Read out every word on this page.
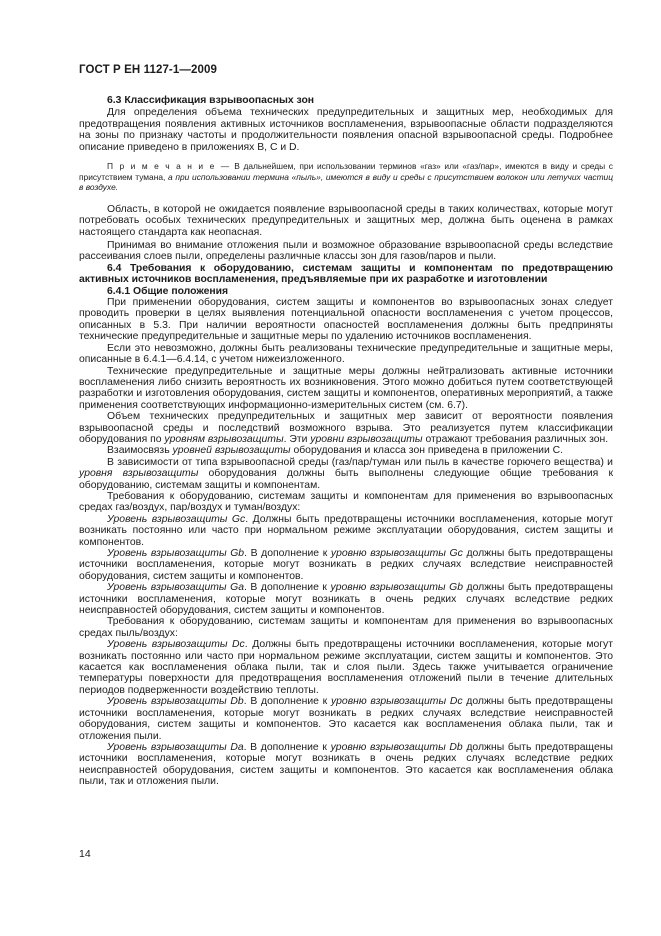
ГОСТ Р ЕН 1127-1—2009

6.3 Классификация взрывоопасных зон

Для определения объема технических предупредительных и защитных мер, необходимых для предотвращения появления активных источников воспламенения, взрывоопасные области подразделяются на зоны по признаку частоты и продолжительности появления опасной взрывоопасной среды. Подробнее описание приведено в приложениях В, С и D.

П р и м е ч а н и е — В дальнейшем, при использовании терминов «газ» или «газ/пар», имеются в виду и среды с присутствием тумана, а при использовании термина «пыль», имеются в виду и среды с присутствием волокон или летучих частиц в воздухе.

Область, в которой не ожидается появление взрывоопасной среды в таких количествах, которые могут потребовать особых технических предупредительных и защитных мер, должна быть оценена в рамках настоящего стандарта как неопасная.

Принимая во внимание отложения пыли и возможное образование взрывоопасной среды вследствие рассеивания слоев пыли, определены различные классы зон для газов/паров и пыли.

6.4 Требования к оборудованию, системам защиты и компонентам по предотвращению активных источников воспламенения, предъявляемые при их разработке и изготовлении

6.4.1 Общие положения

При применении оборудования, систем защиты и компонентов во взрывоопасных зонах следует проводить проверки в целях выявления потенциальной опасности воспламенения с учетом процессов, описанных в 5.3. При наличии вероятности опасностей воспламенения должны быть предприняты технические предупредительные и защитные меры по удалению источников воспламенения.

Если это невозможно, должны быть реализованы технические предупредительные и защитные меры, описанные в 6.4.1—6.4.14, с учетом нижеизложенного.

Технические предупредительные и защитные меры должны нейтрализовать активные источники воспламенения либо снизить вероятность их возникновения. Этого можно добиться путем соответствующей разработки и изготовления оборудования, систем защиты и компонентов, оперативных мероприятий, а также применения соответствующих информационно-измерительных систем (см. 6.7).

Объем технических предупредительных и защитных мер зависит от вероятности появления взрывоопасной среды и последствий возможного взрыва. Это реализуется путем классификации оборудования по уровням взрывозащиты. Эти уровни взрывозащиты отражают требования различных зон.

Взаимосвязь уровней взрывозащиты оборудования и класса зон приведена в приложении С.

В зависимости от типа взрывоопасной среды (газ/пар/туман или пыль в качестве горючего вещества) и уровня взрывозащиты оборудования должны быть выполнены следующие общие требования к оборудованию, системам защиты и компонентам.

Требования к оборудованию, системам защиты и компонентам для применения во взрывоопасных средах газ/воздух, пар/воздух и туман/воздух:

Уровень взрывозащиты Gc. Должны быть предотвращены источники воспламенения, которые могут возникать постоянно или часто при нормальном режиме эксплуатации оборудования, систем защиты и компонентов.

Уровень взрывозащиты Gb. В дополнение к уровню взрывозащиты Gc должны быть предотвращены источники воспламенения, которые могут возникать в редких случаях вследствие неисправностей оборудования, систем защиты и компонентов.

Уровень взрывозащиты Ga. В дополнение к уровню взрывозащиты Gb должны быть предотвращены источники воспламенения, которые могут возникать в очень редких случаях вследствие редких неисправностей оборудования, систем защиты и компонентов.

Требования к оборудованию, системам защиты и компонентам для применения во взрывоопасных средах пыль/воздух:

Уровень взрывозащиты Dc. Должны быть предотвращены источники воспламенения, которые могут возникать постоянно или часто при нормальном режиме эксплуатации, систем защиты и компонентов. Это касается как воспламенения облака пыли, так и слоя пыли. Здесь также учитывается ограничение температуры поверхности для предотвращения воспламенения отложений пыли в течение длительных периодов подверженности воздействию теплоты.

Уровень взрывозащиты Db. В дополнение к уровню взрывозащиты Dc должны быть предотвращены источники воспламенения, которые могут возникать в редких случаях вследствие неисправностей оборудования, систем защиты и компонентов. Это касается как воспламенения облака пыли, так и отложения пыли.

Уровень взрывозащиты Da. В дополнение к уровню взрывозащиты Db должны быть предотвращены источники воспламенения, которые могут возникать в очень редких случаях вследствие редких неисправностей оборудования, систем защиты и компонентов. Это касается как воспламенения облака пыли, так и отложения пыли.

14
